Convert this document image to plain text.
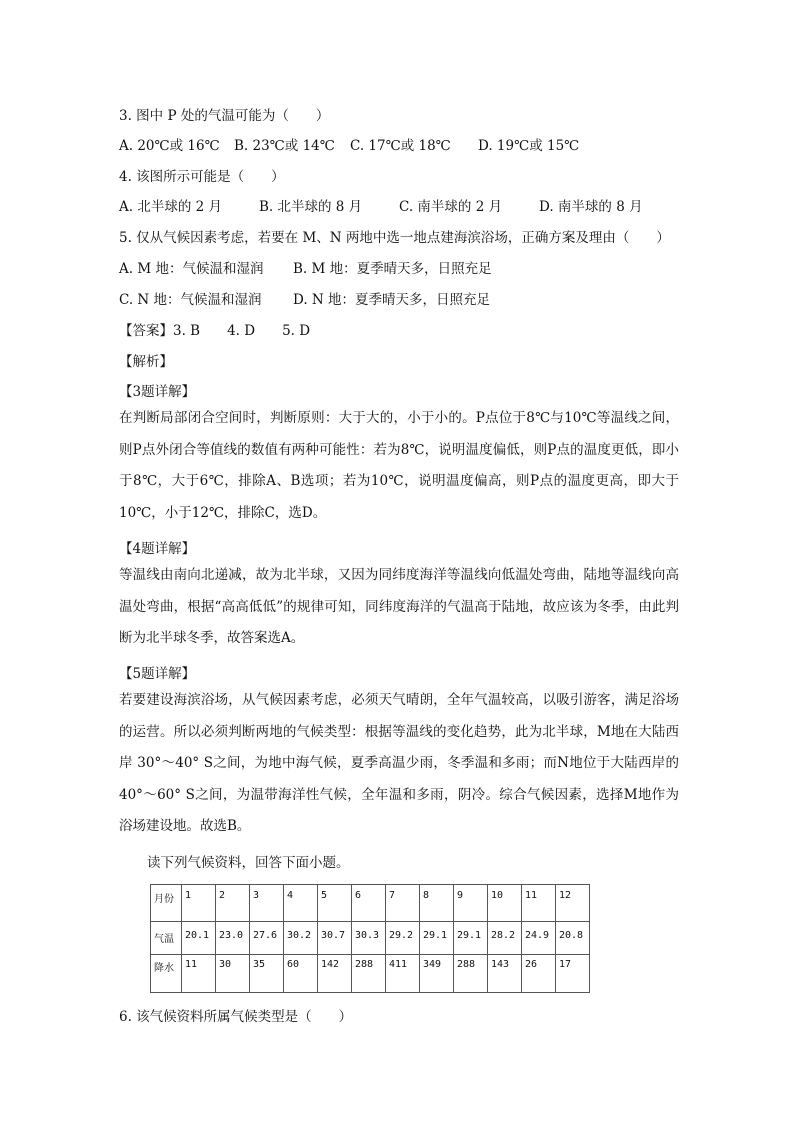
3. 图中 P 处的气温可能为（　　）
A. 20℃或 16℃ B. 23℃或 14℃ C. 17℃或 18℃ D. 19℃或 15℃
4. 该图所示可能是（　　）
A. 北半球的 2 月	B. 北半球的 8 月	C. 南半球的 2 月	D. 南半球的 8 月
5. 仅从气候因素考虑，若要在 M、N 两地中选一地点建海滨浴场，正确方案及理由（　　）
A. M 地：气候温和湿润 B. M 地：夏季晴天多，日照充足
C. N 地：气候温和湿润 D. N 地：夏季晴天多，日照充足
【答案】3. B　　4. D　　5. D
【解析】
【3题详解】
在判断局部闭合空间时，判断原则：大于大的，小于小的。P点位于8℃与10℃等温线之间，则P点外闭合等值线的数值有两种可能性：若为8℃，说明温度偏低，则P点的温度更低，即小于8℃，大于6℃，排除A、B选项；若为10℃，说明温度偏高，则P点的温度更高，即大于10℃，小于12℃，排除C，选D。
【4题详解】
等温线由南向北递减，故为北半球，又因为同纬度海洋等温线向低温处弯曲，陆地等温线向高温处弯曲，根据“高高低低”的规律可知，同纬度海洋的气温高于陆地，故应该为冬季，由此判断为北半球冬季，故答案选A。
【5题详解】
若要建设海滨浴场，从气候因素考虑，必须天气晴朗，全年气温较高，以吸引游客，满足浴场的运营。所以必须判断两地的气候类型：根据等温线的变化趋势，此为北半球，M地在大陆西岸 30°～40° S之间，为地中海气候，夏季高温少雨，冬季温和多雨；而N地位于大陆西岸的 40°～60° S之间，为温带海洋性气候，全年温和多雨，阴冷。综合气候因素，选择M地作为浴场建设地。故选B。
读下列气候资料，回答下面小题。
月份	1	2	3	4	5	6	7	8	9	10	11	12
气温	20.1	23.0	27.6	30.2	30.7	30.3	29.2	29.1	29.1	28.2	24.9	20.8
降水	11	30	35	60	142	288	411	349	288	143	26	17
6. 该气候资料所属气候类型是（　　）
